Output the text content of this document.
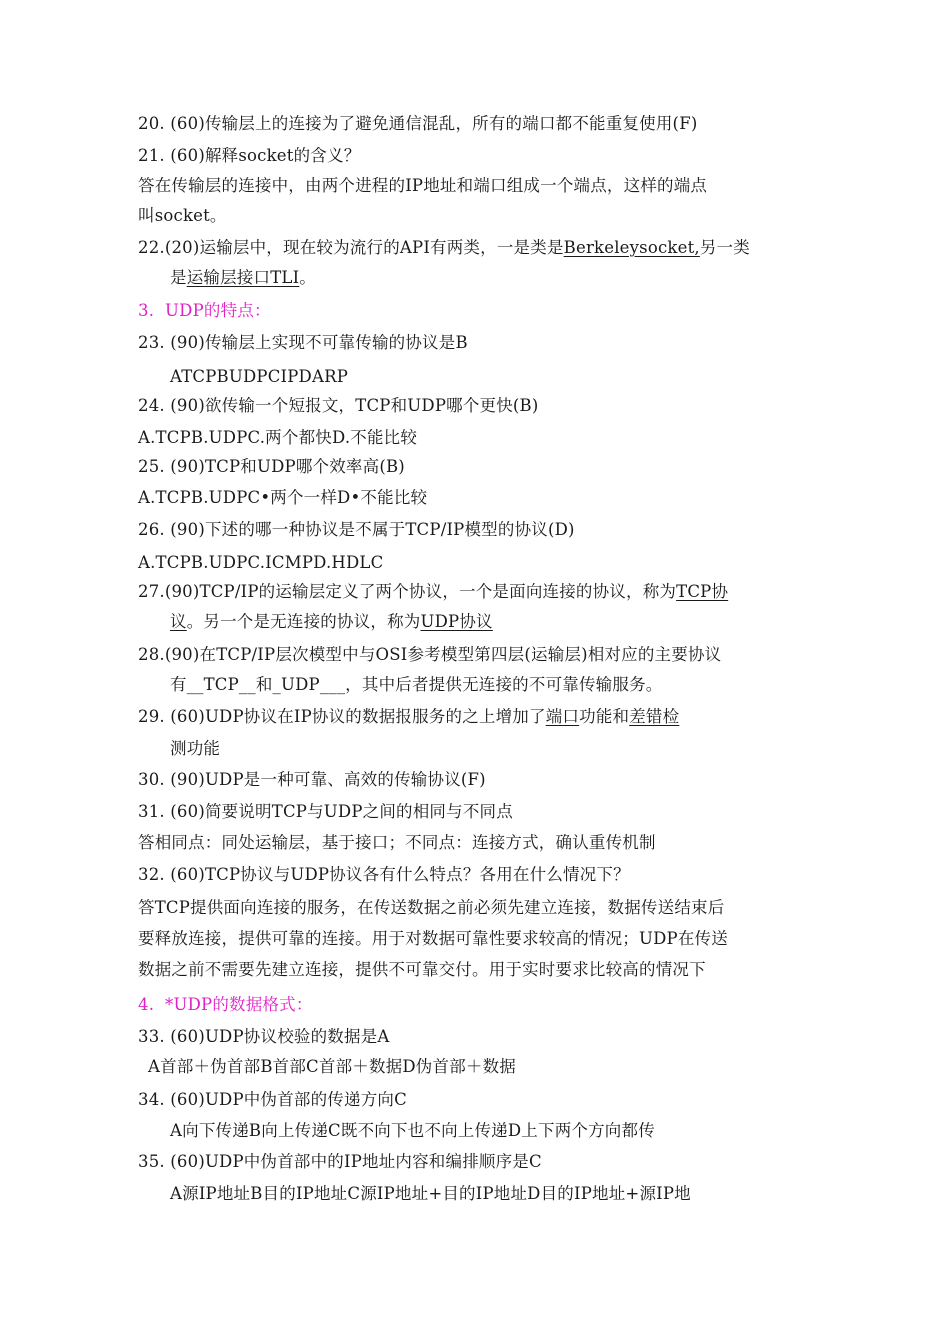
20. (60)传输层上的连接为了避免通信混乱，所有的端口都不能重复使用(F)
21. (60)解释socket的含义？
答在传输层的连接中，由两个进程的IP地址和端口组成一个端点，这样的端点
叫socket。
22.(20)运输层中，现在较为流行的API有两类，一是类是Berkeleysocket,另一类
是运输层接口TLI。
3.  UDP的特点：
23. (90)传输层上实现不可靠传输的协议是B
ATCPBUDPCIPDARP
24. (90)欲传输一个短报文，TCP和UDP哪个更快(B)
A.TCPB.UDPC.两个都快D.不能比较
25. (90)TCP和UDP哪个效率高(B)
A.TCPB.UDPC•两个一样D•不能比较
26. (90)下述的哪一种协议是不属于TCP/IP模型的协议(D)
A.TCPB.UDPC.ICMPD.HDLC
27.(90)TCP/IP的运输层定义了两个协议，一个是面向连接的协议，称为TCP协
议。另一个是无连接的协议，称为UDP协议
28.(90)在TCP/IP层次模型中与OSI参考模型第四层(运输层)相对应的主要协议
有__TCP__和_UDP___，其中后者提供无连接的不可靠传输服务。
29. (60)UDP协议在IP协议的数据报服务的之上增加了端口功能和差错检
测功能
30. (90)UDP是一种可靠、高效的传输协议(F)
31. (60)简要说明TCP与UDP之间的相同与不同点
答相同点：同处运输层，基于接口；不同点：连接方式，确认重传机制
32. (60)TCP协议与UDP协议各有什么特点？各用在什么情况下？
答TCP提供面向连接的服务，在传送数据之前必须先建立连接，数据传送结束后
要释放连接，提供可靠的连接。用于对数据可靠性要求较高的情况；UDP在传送
数据之前不需要先建立连接，提供不可靠交付。用于实时要求比较高的情况下
4.  *UDP的数据格式：
33. (60)UDP协议校验的数据是A
A首部＋伪首部B首部C首部＋数据D伪首部＋数据
34. (60)UDP中伪首部的传递方向C
A向下传递B向上传递C既不向下也不向上传递D上下两个方向都传
35. (60)UDP中伪首部中的IP地址内容和编排顺序是C
A源IP地址B目的IP地址C源IP地址+目的IP地址D目的IP地址+源IP地
